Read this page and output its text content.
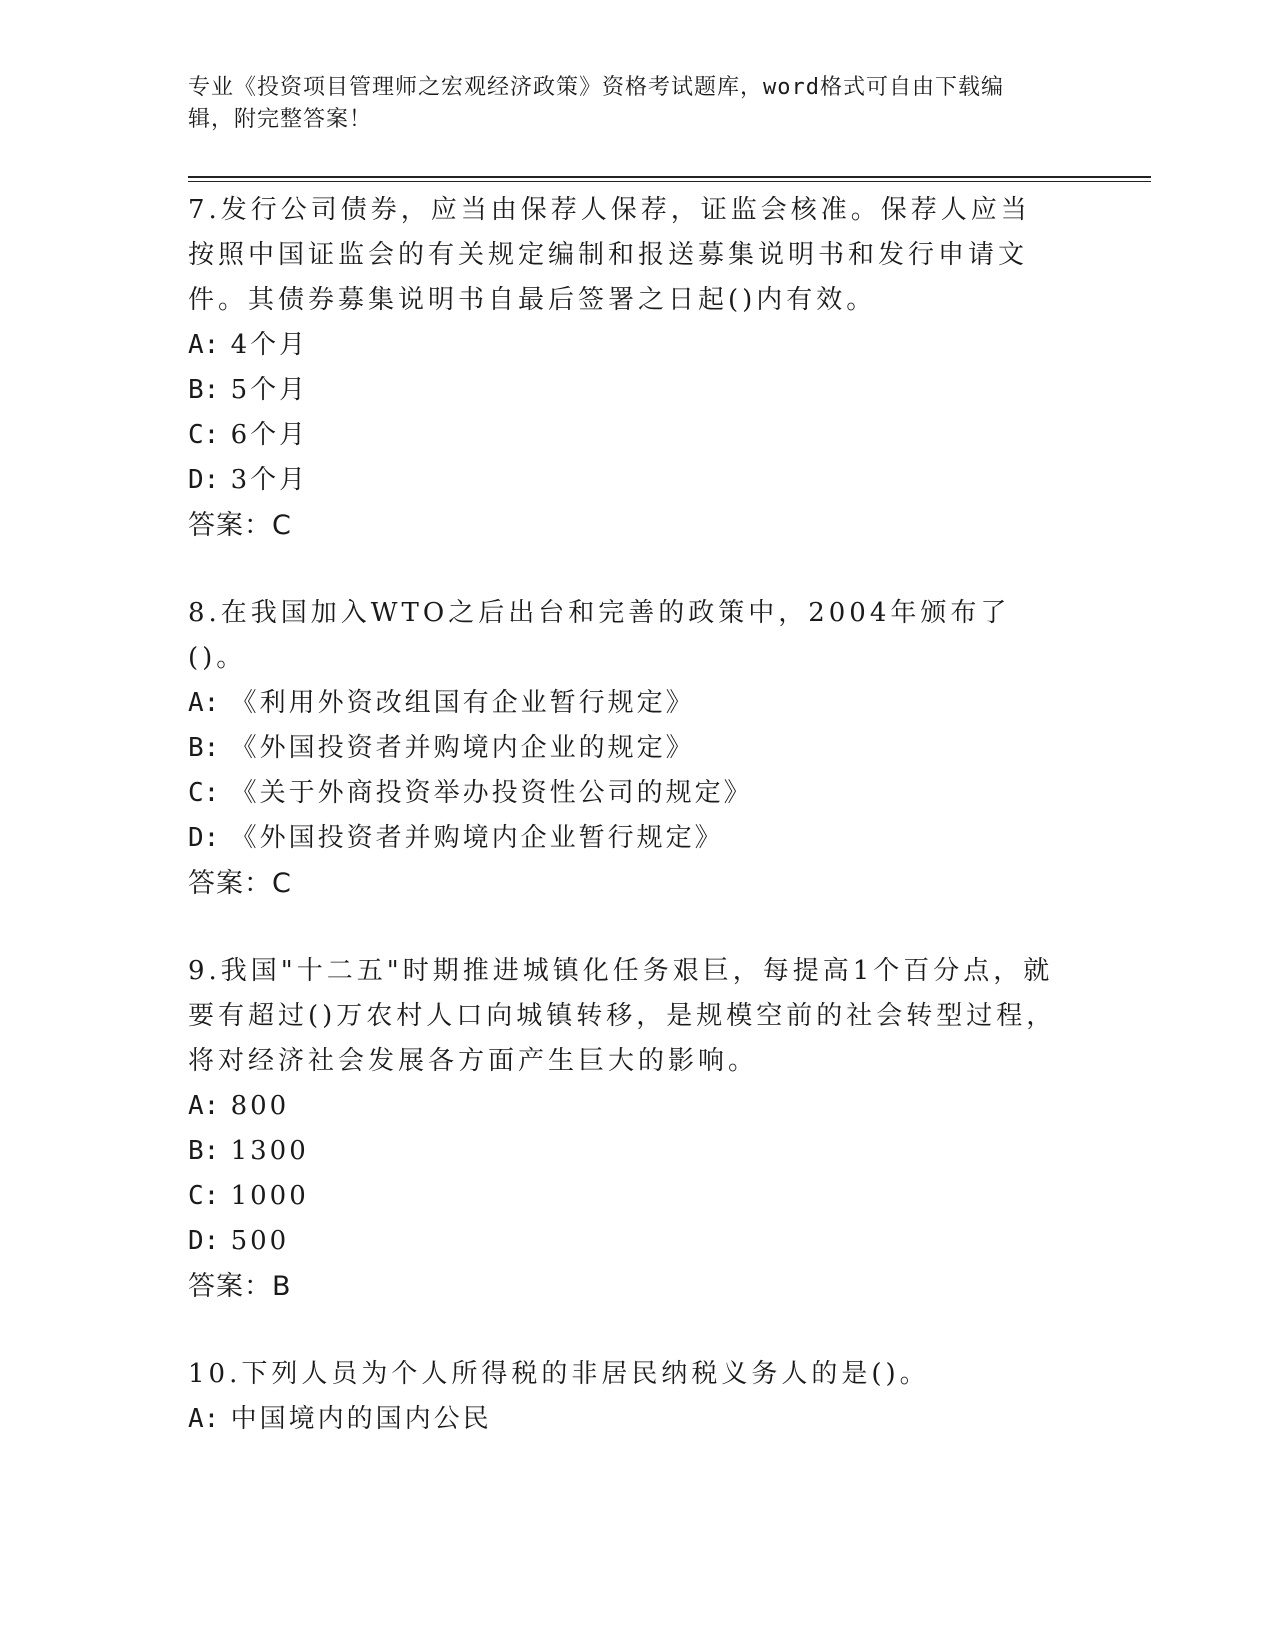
专业《投资项目管理师之宏观经济政策》资格考试题库，word格式可自由下载编
辑，附完整答案！
7.发行公司债券，应当由保荐人保荐，证监会核准。保荐人应当按照中国证监会的有关规定编制和报送募集说明书和发行申请文件。其债券募集说明书自最后签署之日起()内有效。
A: 4个月
B: 5个月
C: 6个月
D: 3个月
答案：C
8.在我国加入WTO之后出台和完善的政策中，2004年颁布了()。
A: 《利用外资改组国有企业暂行规定》
B: 《外国投资者并购境内企业的规定》
C: 《关于外商投资举办投资性公司的规定》
D: 《外国投资者并购境内企业暂行规定》
答案：C
9.我国"十二五"时期推进城镇化任务艰巨，每提高1个百分点，就要有超过()万农村人口向城镇转移，是规模空前的社会转型过程，将对经济社会发展各方面产生巨大的影响。
A: 800
B: 1300
C: 1000
D: 500
答案：B
10.下列人员为个人所得税的非居民纳税义务人的是()。
A: 中国境内的国内公民
